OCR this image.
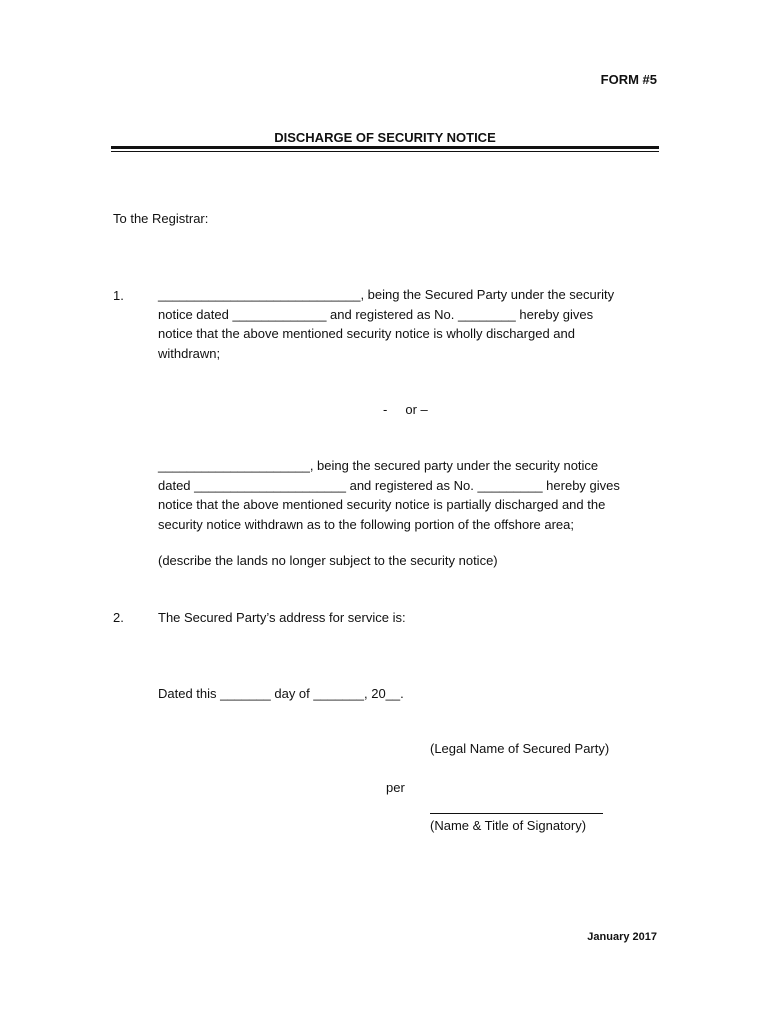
FORM #5
DISCHARGE OF SECURITY NOTICE
To the Registrar:
1.	____________________________, being the Secured Party under the security
notice dated _____________ and registered as No. ________ hereby gives
notice that the above mentioned security notice is wholly discharged and
withdrawn;
-     or –
_____________________, being the secured party under the security notice
dated _____________________ and registered as No. _________ hereby gives
notice that the above mentioned security notice is partially discharged and the
security notice withdrawn as to the following portion of the offshore area;
(describe the lands no longer subject to the security notice)
2.	The Secured Party’s address for service is:
Dated this _______ day of _______, 20__.
(Legal Name of Secured Party)
per
(Name & Title of Signatory)
January 2017
